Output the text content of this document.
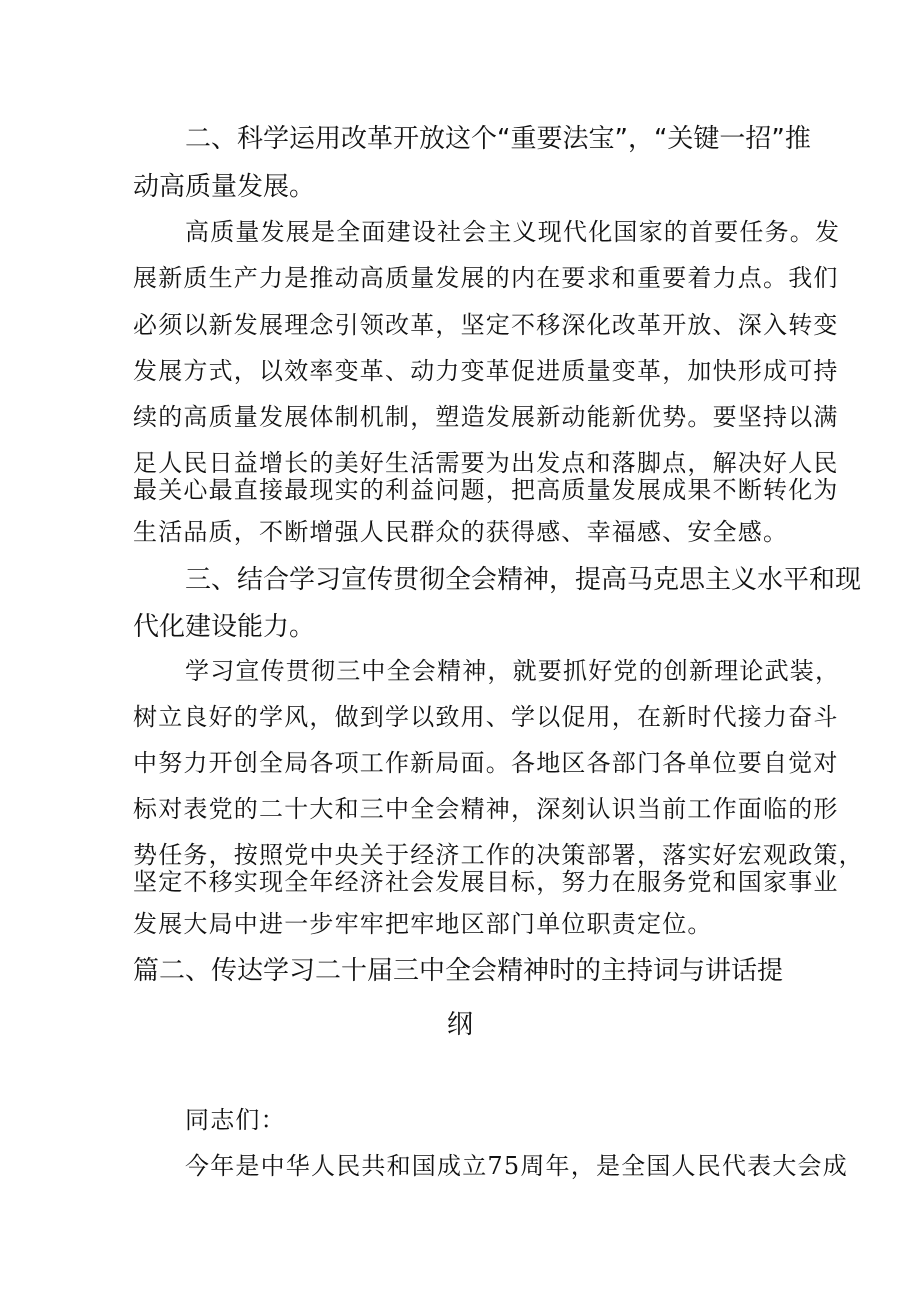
二、科学运用改革开放这个“重要法宝”，“关键一招”推

动高质量发展。

高质量发展是全面建设社会主义现代化国家的首要任务。发

展新质生产力是推动高质量发展的内在要求和重要着力点。我们

必须以新发展理念引领改革，坚定不移深化改革开放、深入转变

发展方式，以效率变革、动力变革促进质量变革，加快形成可持

续的高质量发展体制机制，塑造发展新动能新优势。要坚持以满

足人民日益增长的美好生活需要为出发点和落脚点，解决好人民

最关心最直接最现实的利益问题，把高质量发展成果不断转化为

生活品质，不断增强人民群众的获得感、幸福感、安全感。

三、结合学习宣传贯彻全会精神，提高马克思主义水平和现

代化建设能力。

学习宣传贯彻三中全会精神，就要抓好党的创新理论武装，

树立良好的学风，做到学以致用、学以促用，在新时代接力奋斗

中努力开创全局各项工作新局面。各地区各部门各单位要自觉对

标对表党的二十大和三中全会精神，深刻认识当前工作面临的形

势任务，按照党中央关于经济工作的决策部署，落实好宏观政策，

坚定不移实现全年经济社会发展目标，努力在服务党和国家事业

发展大局中进一步牢牢把牢地区部门单位职责定位。

篇二、传达学习二十届三中全会精神时的主持词与讲话提

纲

同志们：

今年是中华人民共和国成立75周年，是全国人民代表大会成
